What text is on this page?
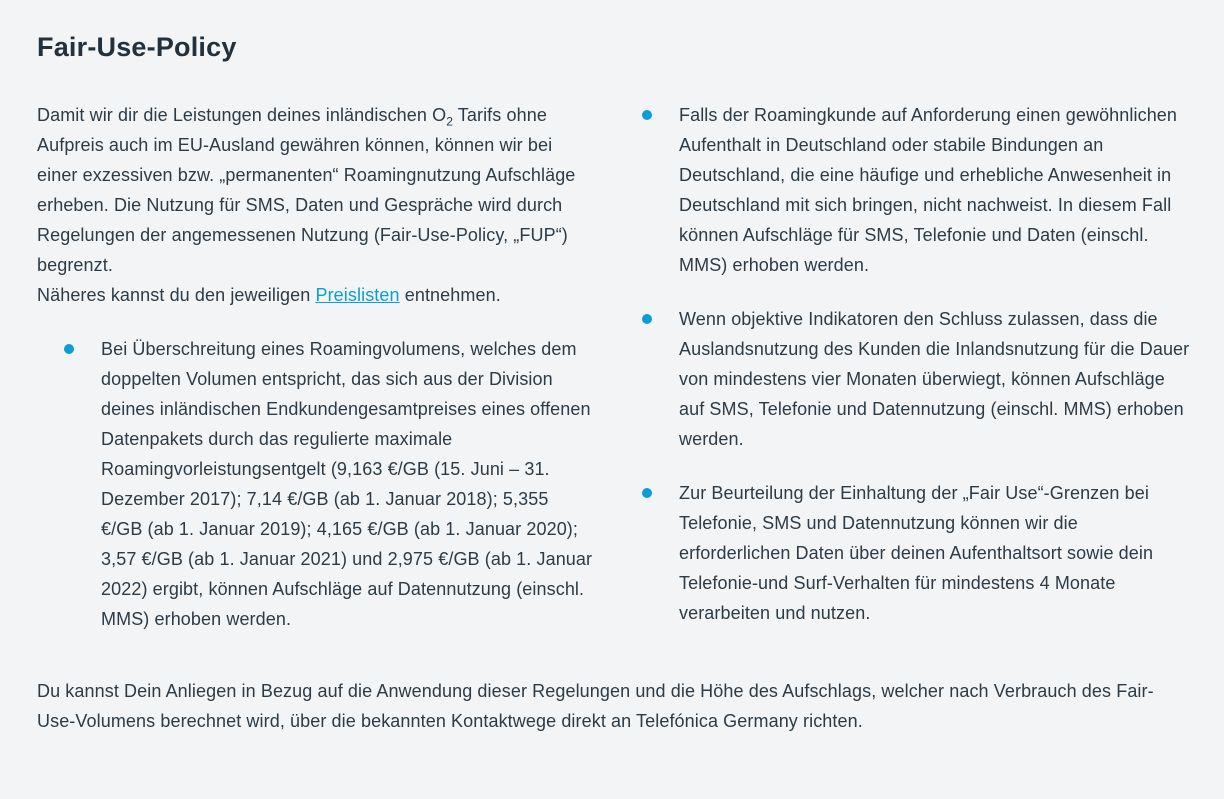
Fair-Use-Policy

Damit wir dir die Leistungen deines inländischen $O_2$ Tarifs ohne Aufpreis auch im EU-Ausland gewähren können, können wir bei einer exzessiven bzw. „permanenten“ Roamingnutzung Aufschläge erheben. Die Nutzung für SMS, Daten und Gespräche wird durch Regelungen der angemessenen Nutzung (Fair-Use-Policy, „FUP“) begrenzt.

Näheres kannst du den jeweiligen Preislisten entnehmen.

Bei Überschreitung eines Roamingvolumens, welches dem doppelten Volumen entspricht, das sich aus der Division deines inländischen Endkundengesamtpreises eines offenen Datenpakets durch das regulierte maximale Roamingvorleistungsentgelt (9,163 €/GB (15. Juni – 31. Dezember 2017); 7,14 €/GB (ab 1. Januar 2018); 5,355 €/GB (ab 1. Januar 2019); 4,165 €/GB (ab 1. Januar 2020); 3,57 €/GB (ab 1. Januar 2021) und 2,975 €/GB (ab 1. Januar 2022) ergibt, können Aufschläge auf Datennutzung (einschl. MMS) erhoben werden.
Falls der Roamingkunde auf Anforderung einen gewöhnlichen Aufenthalt in Deutschland oder stabile Bindungen an Deutschland, die eine häufige und erhebliche Anwesenheit in Deutschland mit sich bringen, nicht nachweist. In diesem Fall können Aufschläge für SMS, Telefonie und Daten (einschl. MMS) erhoben werden.
Wenn objektive Indikatoren den Schluss zulassen, dass die Auslandsnutzung des Kunden die Inlandsnutzung für die Dauer von mindestens vier Monaten überwiegt, können Aufschläge auf SMS, Telefonie und Datennutzung (einschl. MMS) erhoben werden.
Zur Beurteilung der Einhaltung der „Fair Use“-Grenzen bei Telefonie, SMS und Datennutzung können wir die erforderlichen Daten über deinen Aufenthaltsort sowie dein Telefonie-und Surf-Verhalten für mindestens 4 Monate verarbeiten und nutzen.

Du kannst Dein Anliegen in Bezug auf die Anwendung dieser Regelungen und die Höhe des Aufschlags, welcher nach Verbrauch des Fair-Use-Volumens berechnet wird, über die bekannten Kontaktwege direkt an Telefónica Germany richten.
